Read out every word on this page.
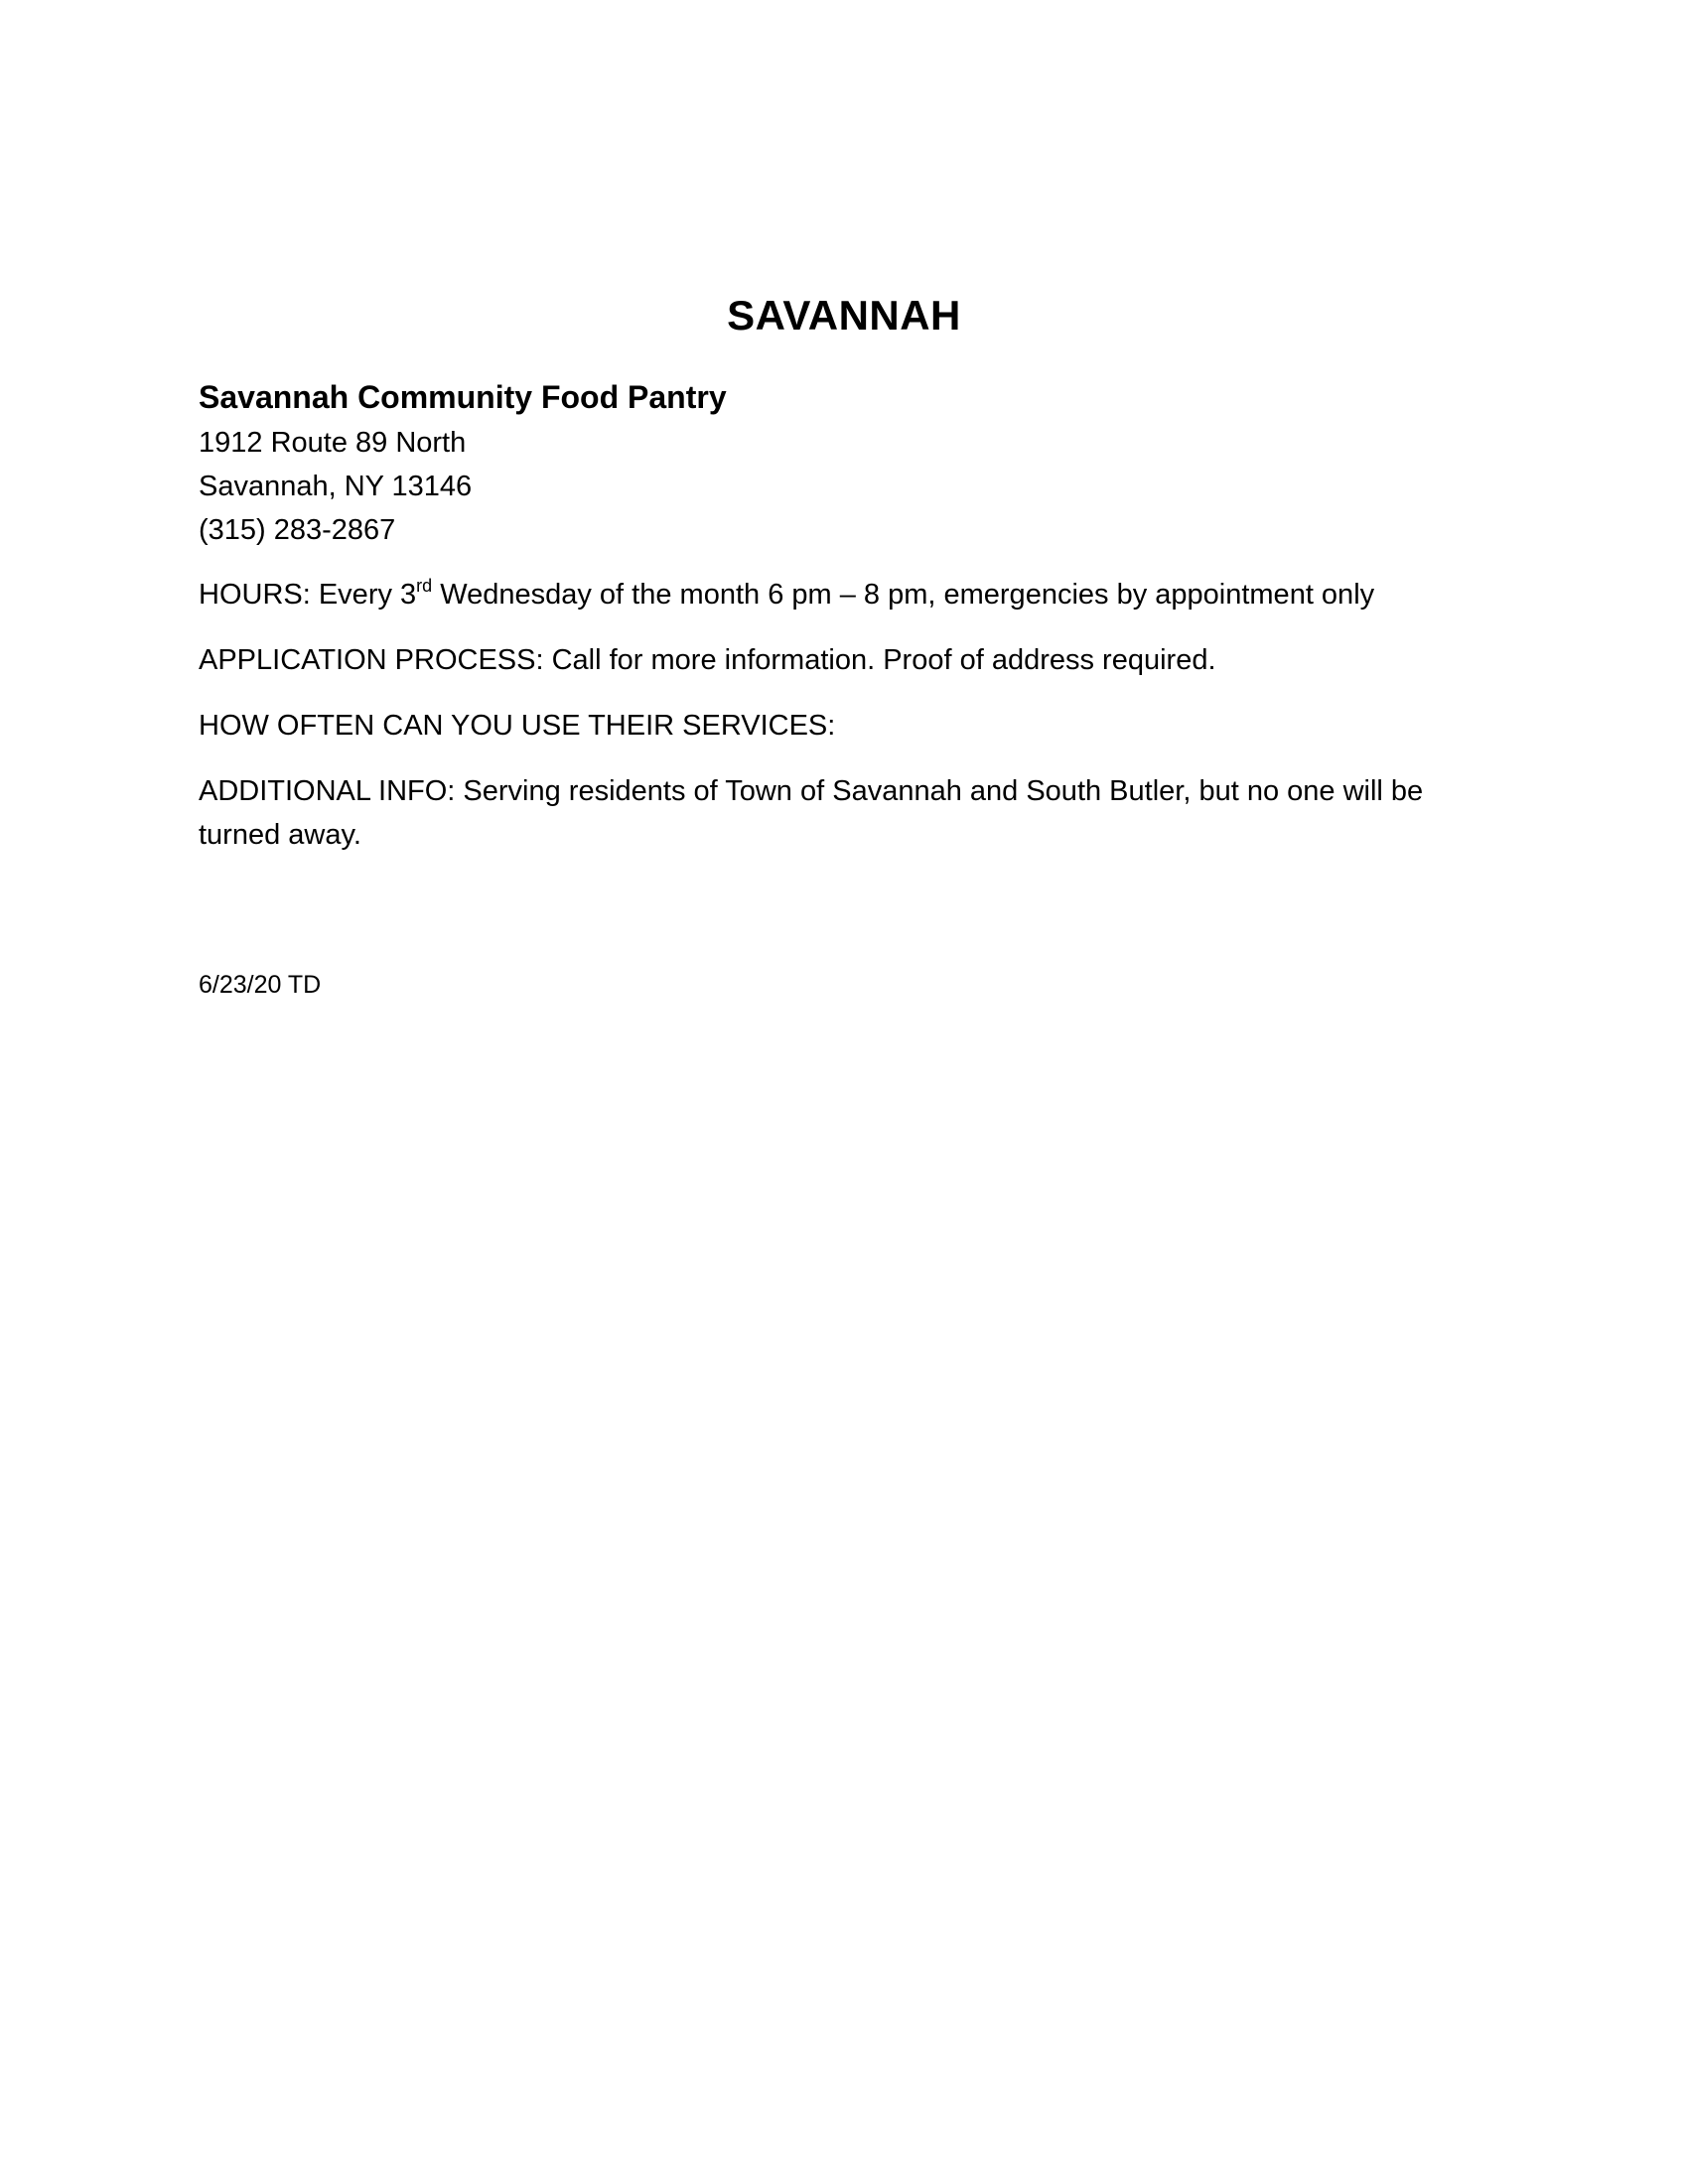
SAVANNAH

Savannah Community Food Pantry

1912 Route 89 North

Savannah, NY 13146

(315) 283-2867

HOURS: Every 3rd Wednesday of the month 6 pm – 8 pm, emergencies by appointment only

APPLICATION PROCESS: Call for more information. Proof of address required.

HOW OFTEN CAN YOU USE THEIR SERVICES:

ADDITIONAL INFO: Serving residents of Town of Savannah and South Butler, but no one will be turned away.

6/23/20 TD
